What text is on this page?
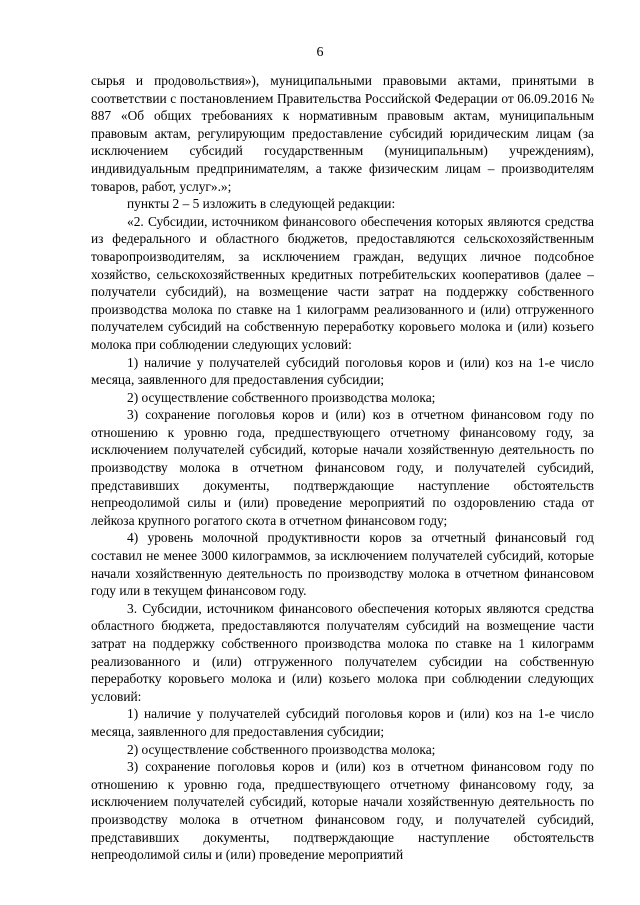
6

сырья и продовольствия»), муниципальными правовыми актами, принятыми в соответствии с постановлением Правительства Российской Федерации от 06.09.2016 № 887 «Об общих требованиях к нормативным правовым актам, муниципальным правовым актам, регулирующим предоставление субсидий юридическим лицам (за исключением субсидий государственным (муниципальным) учреждениям), индивидуальным предпринимателям, а также физическим лицам – производителям товаров, работ, услуг».»;

пункты 2 – 5 изложить в следующей редакции:

«2. Субсидии, источником финансового обеспечения которых являются средства из федерального и областного бюджетов, предоставляются сельскохозяйственным товаропроизводителям, за исключением граждан, ведущих личное подсобное хозяйство, сельскохозяйственных кредитных потребительских кооперативов (далее – получатели субсидий), на возмещение части затрат на поддержку собственного производства молока по ставке на 1 килограмм реализованного и (или) отгруженного получателем субсидий на собственную переработку коровьего молока и (или) козьего молока при соблюдении следующих условий:

1) наличие у получателей субсидий поголовья коров и (или) коз на 1-е число месяца, заявленного для предоставления субсидии;

2) осуществление собственного производства молока;

3) сохранение поголовья коров и (или) коз в отчетном финансовом году по отношению к уровню года, предшествующего отчетному финансовому году, за исключением получателей субсидий, которые начали хозяйственную деятельность по производству молока в отчетном финансовом году, и получателей субсидий, представивших документы, подтверждающие наступление обстоятельств непреодолимой силы и (или) проведение мероприятий по оздоровлению стада от лейкоза крупного рогатого скота в отчетном финансовом году;

4) уровень молочной продуктивности коров за отчетный финансовый год составил не менее 3000 килограммов, за исключением получателей субсидий, которые начали хозяйственную деятельность по производству молока в отчетном финансовом году или в текущем финансовом году.

3. Субсидии, источником финансового обеспечения которых являются средства областного бюджета, предоставляются получателям субсидий на возмещение части затрат на поддержку собственного производства молока по ставке на 1 килограмм реализованного и (или) отгруженного получателем субсидии на собственную переработку коровьего молока и (или) козьего молока при соблюдении следующих условий:

1) наличие у получателей субсидий поголовья коров и (или) коз на 1-е число месяца, заявленного для предоставления субсидии;

2) осуществление собственного производства молока;

3) сохранение поголовья коров и (или) коз в отчетном финансовом году по отношению к уровню года, предшествующего отчетному финансовому году, за исключением получателей субсидий, которые начали хозяйственную деятельность по производству молока в отчетном финансовом году, и получателей субсидий, представивших документы, подтверждающие наступление обстоятельств непреодолимой силы и (или) проведение мероприятий
